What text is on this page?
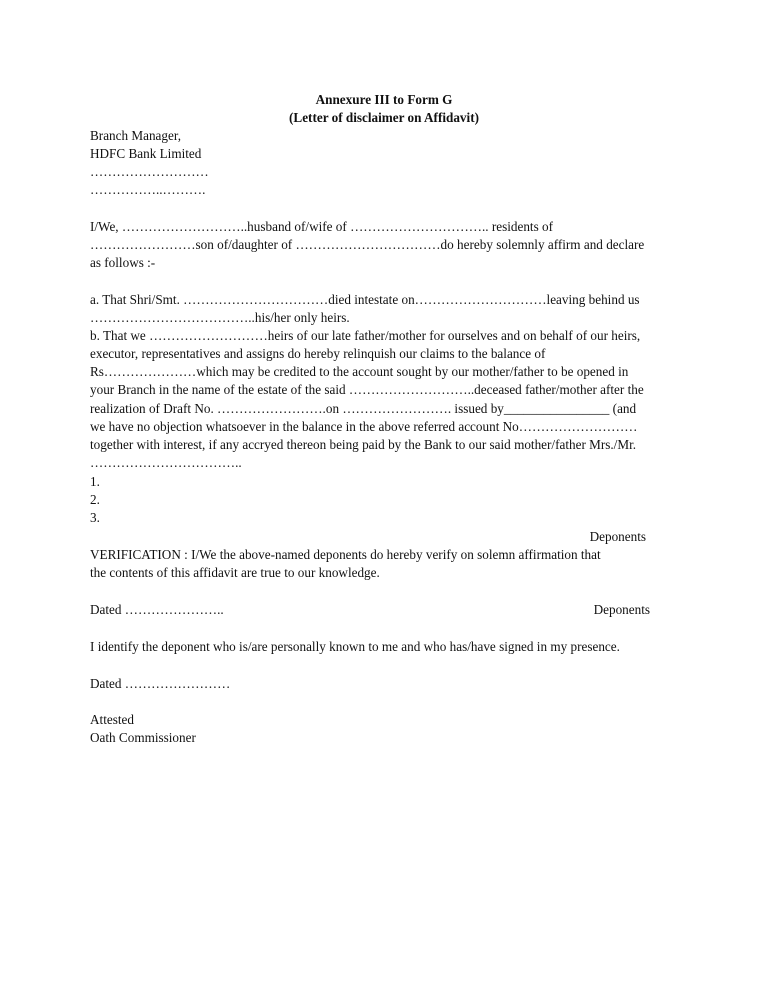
Annexure III to Form G
(Letter of disclaimer on Affidavit)
Branch Manager,
HDFC Bank Limited
………………………
……………..……….
I/We, ………………………..husband of/wife of ………………………….. residents of
……………………son of/daughter of ……………………………do hereby solemnly affirm and declare
as follows :-
a. That Shri/Smt. ……………………………died intestate on…………………………leaving behind us
………………………………..his/her only heirs.
b. That we ………………………heirs of our late father/mother for ourselves and on behalf of our heirs,
executor, representatives and assigns do hereby relinquish our claims to the balance of
Rs…………………which may be credited to the account sought by our mother/father to be opened in
your Branch in the name of the estate of the said ………………………..deceased father/mother after the
realization of Draft No. …………………….on ……………………. issued by________________ (and
we have no objection whatsoever in the balance in the above referred account No………………………
together with interest, if any accryed thereon being paid by the Bank to our said mother/father Mrs./Mr.
……………………………..
1.
2.
3.
Deponents
VERIFICATION : I/We the above-named deponents do hereby verify on solemn affirmation that
the contents of this affidavit are true to our knowledge.
Dated …………………..	Deponents
I identify the deponent who is/are personally known to me and who has/have signed in my presence.
Dated ……………………
Attested
Oath Commissioner
